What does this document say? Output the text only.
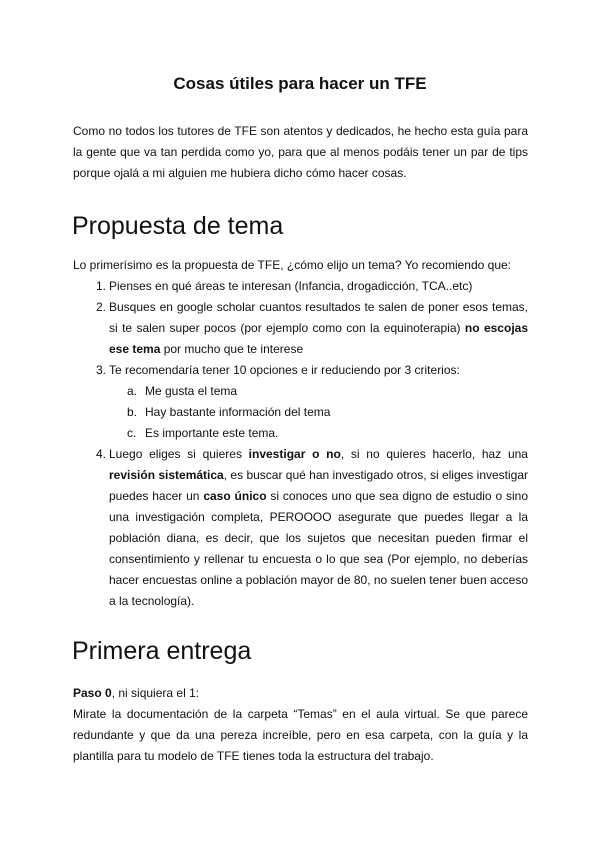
Cosas útiles para hacer un TFE
Como no todos los tutores de TFE son atentos y dedicados, he hecho esta guía para la gente que va tan perdida como yo, para que al menos podáis tener un par de tips porque ojalá a mi alguien me hubiera dicho cómo hacer cosas.
Propuesta de tema
Lo primerísimo es la propuesta de TFE, ¿cómo elijo un tema? Yo recomiendo que:
1. Pienses en qué áreas te interesan (Infancia, drogadicción, TCA..etc)
2. Busques en google scholar cuantos resultados te salen de poner esos temas, si te salen super pocos (por ejemplo como con la equinoterapia) no escojas ese tema por mucho que te interese
3. Te recomendaría tener 10 opciones e ir reduciendo por 3 criterios:
a. Me gusta el tema
b. Hay bastante información del tema
c. Es importante este tema.
4. Luego eliges si quieres investigar o no, si no quieres hacerlo, haz una revisión sistemática, es buscar qué han investigado otros, si eliges investigar puedes hacer un caso único si conoces uno que sea digno de estudio o sino una investigación completa, PEROOOO asegurate que puedes llegar a la población diana, es decir, que los sujetos que necesitan pueden firmar el consentimiento y rellenar tu encuesta o lo que sea (Por ejemplo, no deberías hacer encuestas online a población mayor de 80, no suelen tener buen acceso a la tecnología).
Primera entrega
Paso 0, ni siquiera el 1:
Mirate la documentación de la carpeta “Temas” en el aula virtual. Se que parece redundante y que da una pereza increíble, pero en esa carpeta, con la guía y la plantilla para tu modelo de TFE tienes toda la estructura del trabajo.
